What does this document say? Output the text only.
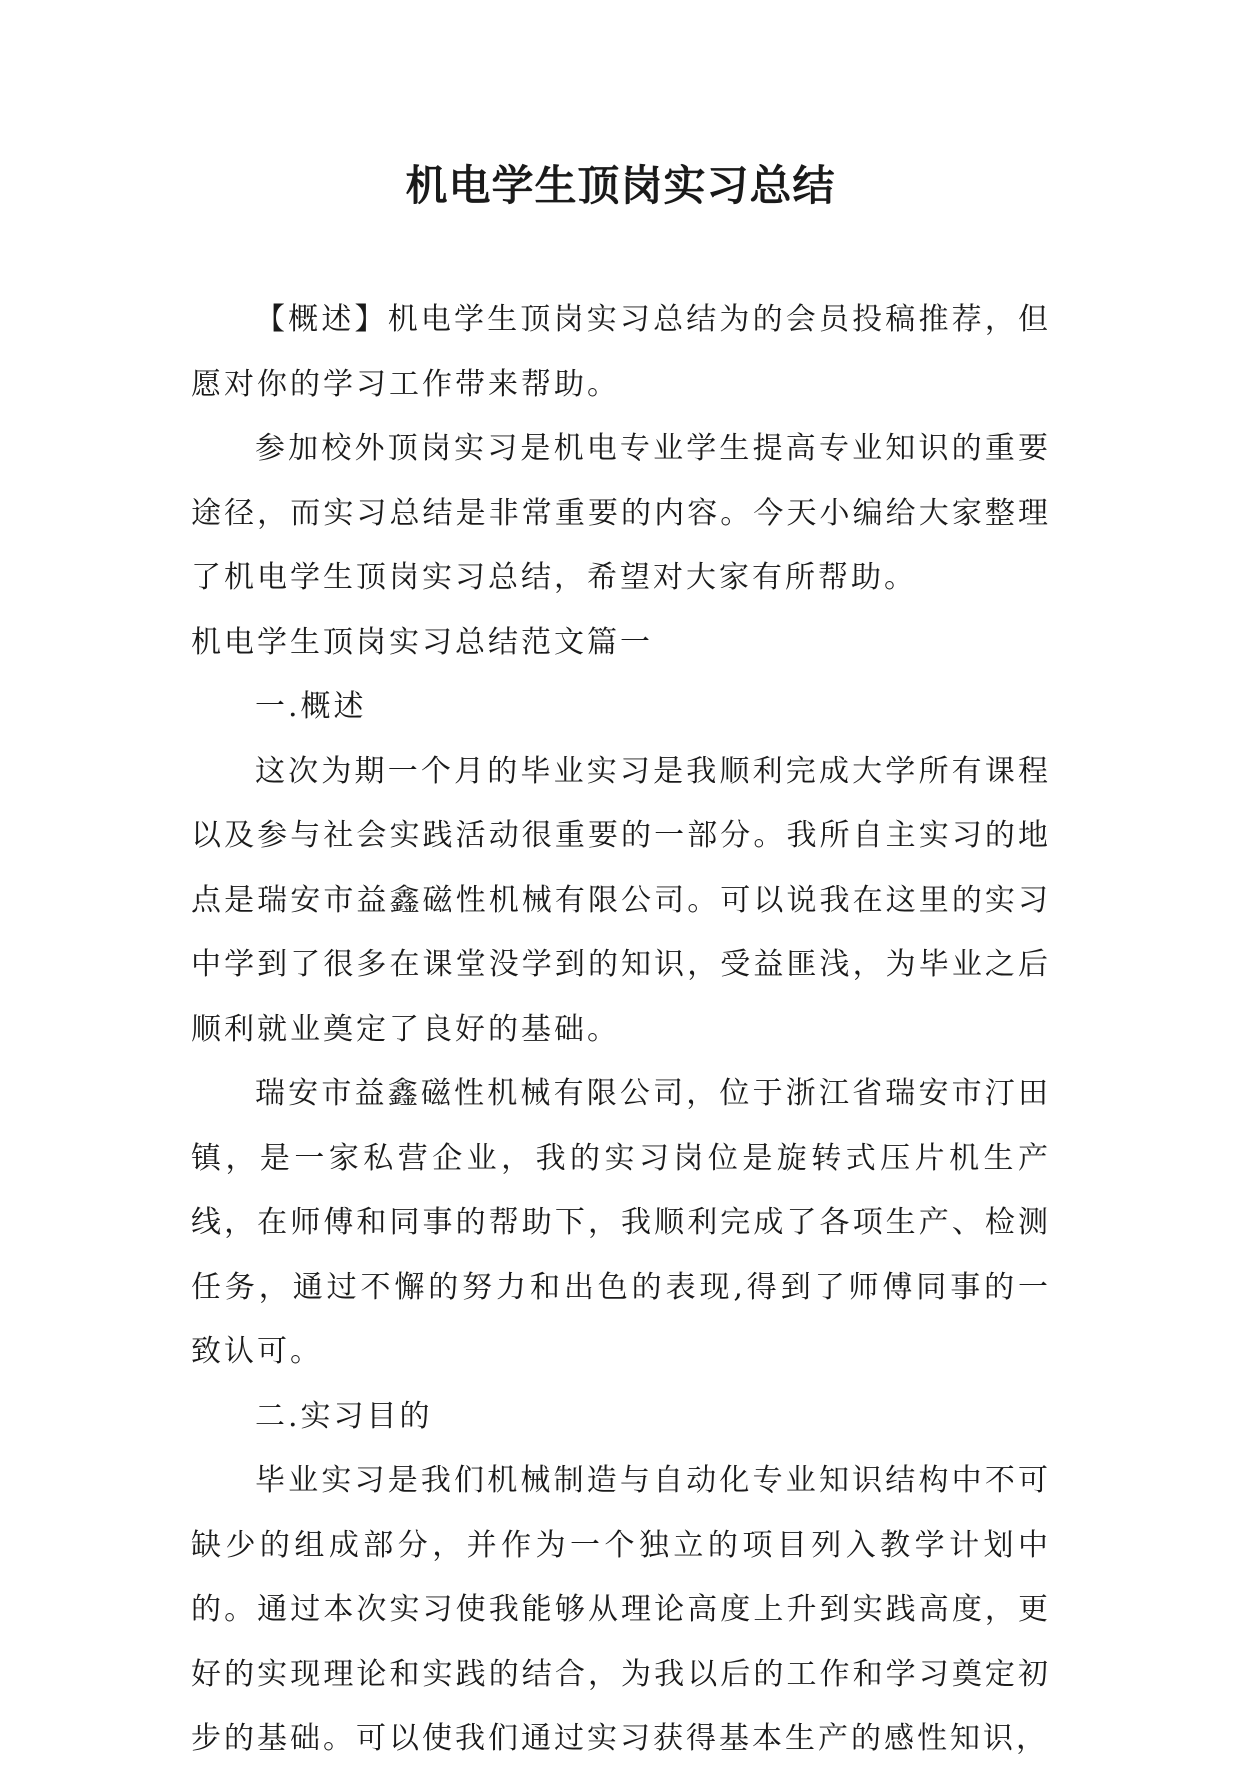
机电学生顶岗实习总结

【概述】机电学生顶岗实习总结为的会员投稿推荐，但愿对你的学习工作带来帮助。

参加校外顶岗实习是机电专业学生提高专业知识的重要途径，而实习总结是非常重要的内容。今天小编给大家整理了机电学生顶岗实习总结，希望对大家有所帮助。

机电学生顶岗实习总结范文篇一

一.概述

这次为期一个月的毕业实习是我顺利完成大学所有课程以及参与社会实践活动很重要的一部分。我所自主实习的地点是瑞安市益鑫磁性机械有限公司。可以说我在这里的实习中学到了很多在课堂没学到的知识，受益匪浅，为毕业之后顺利就业奠定了良好的基础。

瑞安市益鑫磁性机械有限公司，位于浙江省瑞安市汀田镇，是一家私营企业，我的实习岗位是旋转式压片机生产线，在师傅和同事的帮助下，我顺利完成了各项生产、检测任务，通过不懈的努力和出色的表现,得到了师傅同事的一致认可。

二.实习目的

毕业实习是我们机械制造与自动化专业知识结构中不可缺少的组成部分，并作为一个独立的项目列入教学计划中的。通过本次实习使我能够从理论高度上升到实践高度，更好的实现理论和实践的结合，为我以后的工作和学习奠定初步的基础。可以使我们通过实习获得基本生产的感性知识，
